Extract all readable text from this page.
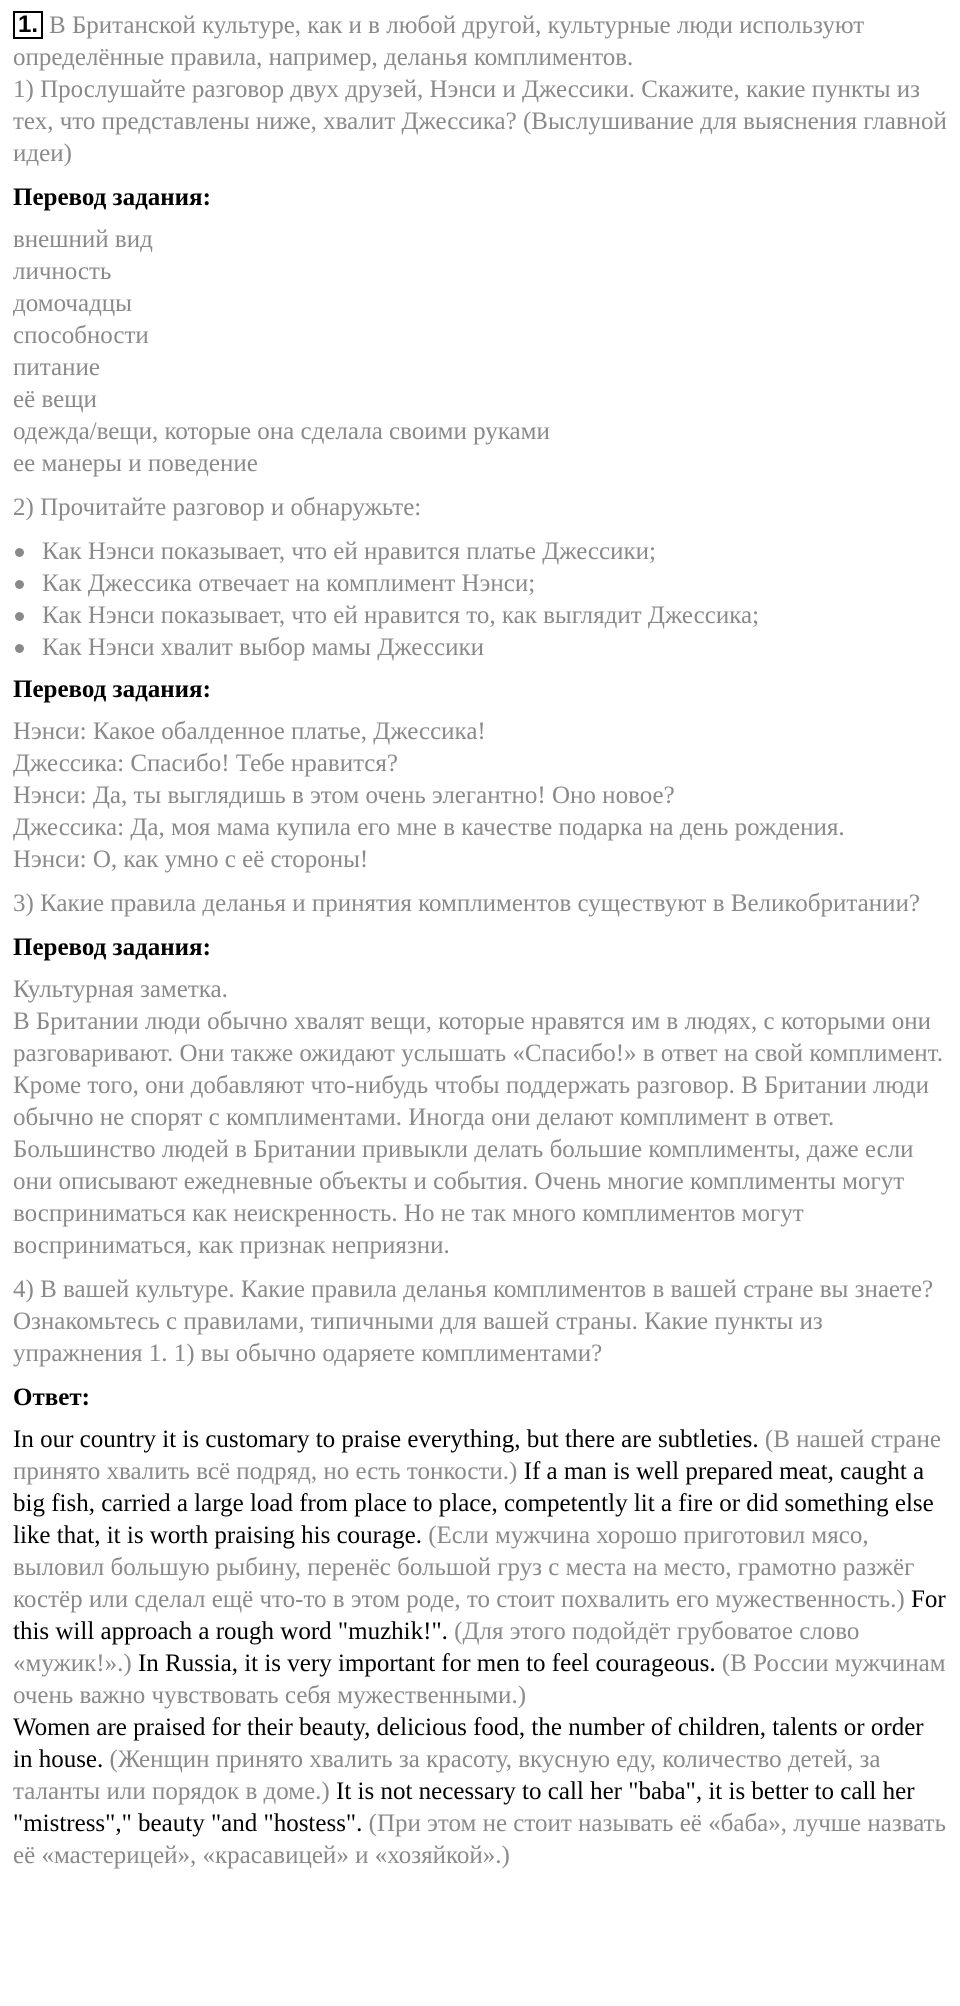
1. В Британской культуре, как и в любой другой, культурные люди используют определённые правила, например, деланья комплиментов.
1) Прослушайте разговор двух друзей, Нэнси и Джессики. Скажите, какие пункты из тех, что представлены ниже, хвалит Джессика? (Выслушивание для выяснения главной идеи)

Перевод задания:

внешний вид
личность
домочадцы
способности
питание
её вещи
одежда/вещи, которые она сделала своими руками
ее манеры и поведение

2) Прочитайте разговор и обнаружьте:

Как Нэнси показывает, что ей нравится платье Джессики;
Как Джессика отвечает на комплимент Нэнси;
Как Нэнси показывает, что ей нравится то, как выглядит Джессика;
Как Нэнси хвалит выбор мамы Джессики

Перевод задания:

Нэнси: Какое обалденное платье, Джессика!
Джессика: Спасибо! Тебе нравится?
Нэнси: Да, ты выглядишь в этом очень элегантно! Оно новое?
Джессика: Да, моя мама купила его мне в качестве подарка на день рождения.
Нэнси: О, как умно с её стороны!

3) Какие правила деланья и принятия комплиментов существуют в Великобритании?

Перевод задания:

Культурная заметка.
В Британии люди обычно хвалят вещи, которые нравятся им в людях, с которыми они разговаривают. Они также ожидают услышать «Спасибо!» в ответ на свой комплимент. Кроме того, они добавляют что-нибудь чтобы поддержать разговор. В Британии люди обычно не спорят с комплиментами. Иногда они делают комплимент в ответ. Большинство людей в Британии привыкли делать большие комплименты, даже если они описывают ежедневные объекты и события. Очень многие комплименты могут восприниматься как неискренность. Но не так много комплиментов могут восприниматься, как признак неприязни.

4) В вашей культуре. Какие правила деланья комплиментов в вашей стране вы знаете? Ознакомьтесь с правилами, типичными для вашей страны. Какие пункты из упражнения 1. 1) вы обычно одаряете комплиментами?

Ответ:

In our country it is customary to praise everything, but there are subtleties. (В нашей стране принято хвалить всё подряд, но есть тонкости.) If a man is well prepared meat, caught a big fish, carried a large load from place to place, competently lit a fire or did something else like that, it is worth praising his courage. (Если мужчина хорошо приготовил мясо, выловил большую рыбину, перенёс большой груз с места на место, грамотно разжёг костёр или сделал ещё что-то в этом роде, то стоит похвалить его мужественность.) For this will approach a rough word "muzhik!". (Для этого подойдёт грубоватое слово «мужик!».) In Russia, it is very important for men to feel courageous. (В России мужчинам очень важно чувствовать себя мужественными.)

Women are praised for their beauty, delicious food, the number of children, talents or order in house. (Женщин принято хвалить за красоту, вкусную еду, количество детей, за таланты или порядок в доме.) It is not necessary to call her "baba", it is better to call her "mistress"," beauty "and "hostess". (При этом не стоит называть её «баба», лучше назвать её «мастерицей», «красавицей» и «хозяйкой».)
